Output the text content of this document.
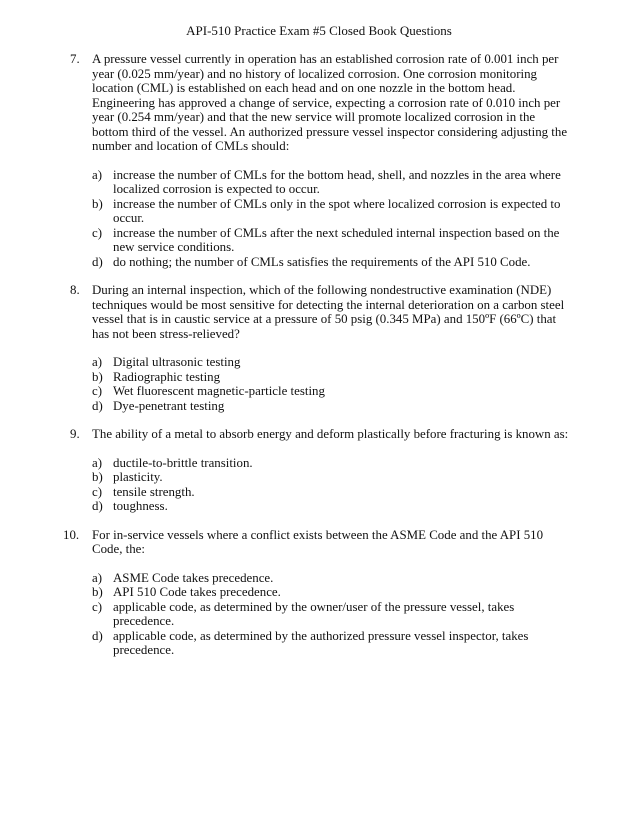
API-510 Practice Exam #5 Closed Book Questions
7. A pressure vessel currently in operation has an established corrosion rate of 0.001 inch per year (0.025 mm/year) and no history of localized corrosion. One corrosion monitoring location (CML) is established on each head and on one nozzle in the bottom head. Engineering has approved a change of service, expecting a corrosion rate of 0.010 inch per year (0.254 mm/year) and that the new service will promote localized corrosion in the bottom third of the vessel. An authorized pressure vessel inspector considering adjusting the number and location of CMLs should:

a) increase the number of CMLs for the bottom head, shell, and nozzles in the area where localized corrosion is expected to occur.
b) increase the number of CMLs only in the spot where localized corrosion is expected to occur.
c) increase the number of CMLs after the next scheduled internal inspection based on the new service conditions.
d) do nothing; the number of CMLs satisfies the requirements of the API 510 Code.
8. During an internal inspection, which of the following nondestructive examination (NDE) techniques would be most sensitive for detecting the internal deterioration on a carbon steel vessel that is in caustic service at a pressure of 50 psig (0.345 MPa) and 150ºF (66ºC) that has not been stress-relieved?

a) Digital ultrasonic testing
b) Radiographic testing
c) Wet fluorescent magnetic-particle testing
d) Dye-penetrant testing
9. The ability of a metal to absorb energy and deform plastically before fracturing is known as:

a) ductile-to-brittle transition.
b) plasticity.
c) tensile strength.
d) toughness.
10. For in-service vessels where a conflict exists between the ASME Code and the API 510 Code, the:

a) ASME Code takes precedence.
b) API 510 Code takes precedence.
c) applicable code, as determined by the owner/user of the pressure vessel, takes precedence.
d) applicable code, as determined by the authorized pressure vessel inspector, takes precedence.
